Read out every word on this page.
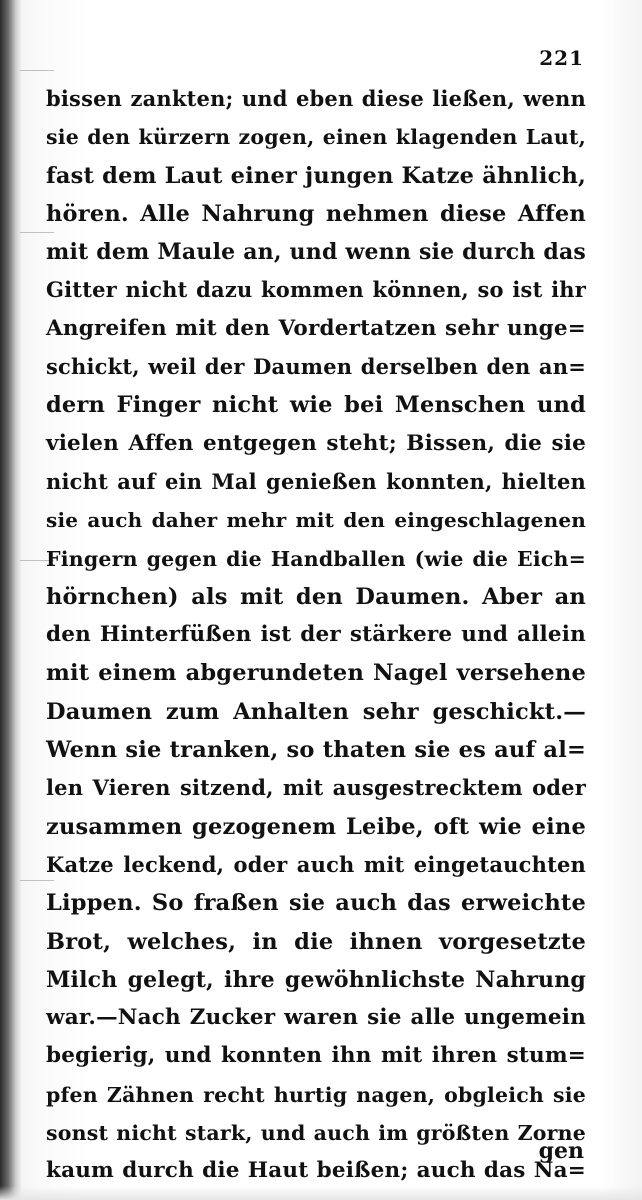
221

bissen zankten; und eben diese ließen, wenn
sie den kürzern zogen, einen klagenden Laut,
fast dem Laut einer jungen Katze ähnlich,
hören. Alle Nahrung nehmen diese Affen
mit dem Maule an, und wenn sie durch das
Gitter nicht dazu kommen können, so ist ihr
Angreifen mit den Vordertatzen sehr unge=
schickt, weil der Daumen derselben den an=
dern Finger nicht wie bei Menschen und
vielen Affen entgegen steht; Bissen, die sie
nicht auf ein Mal genießen konnten, hielten
sie auch daher mehr mit den eingeschlagenen
Fingern gegen die Handballen (wie die Eich=
hörnchen) als mit den Daumen. Aber an
den Hinterfüßen ist der stärkere und allein
mit einem abgerundeten Nagel versehene
Daumen zum Anhalten sehr geschickt.—
Wenn sie tranken, so thaten sie es auf al=
len Vieren sitzend, mit ausgestrecktem oder
zusammen gezogenem Leibe, oft wie eine
Katze leckend, oder auch mit eingetauchten
Lippen. So fraßen sie auch das erweichte
Brot, welches, in die ihnen vorgesetzte
Milch gelegt, ihre gewöhnlichste Nahrung
war.—Nach Zucker waren sie alle ungemein
begierig, und konnten ihn mit ihren stum=
pfen Zähnen recht hurtig nagen, obgleich sie
sonst nicht stark, und auch im größten Zorne
kaum durch die Haut beißen; auch das Na=

gen
